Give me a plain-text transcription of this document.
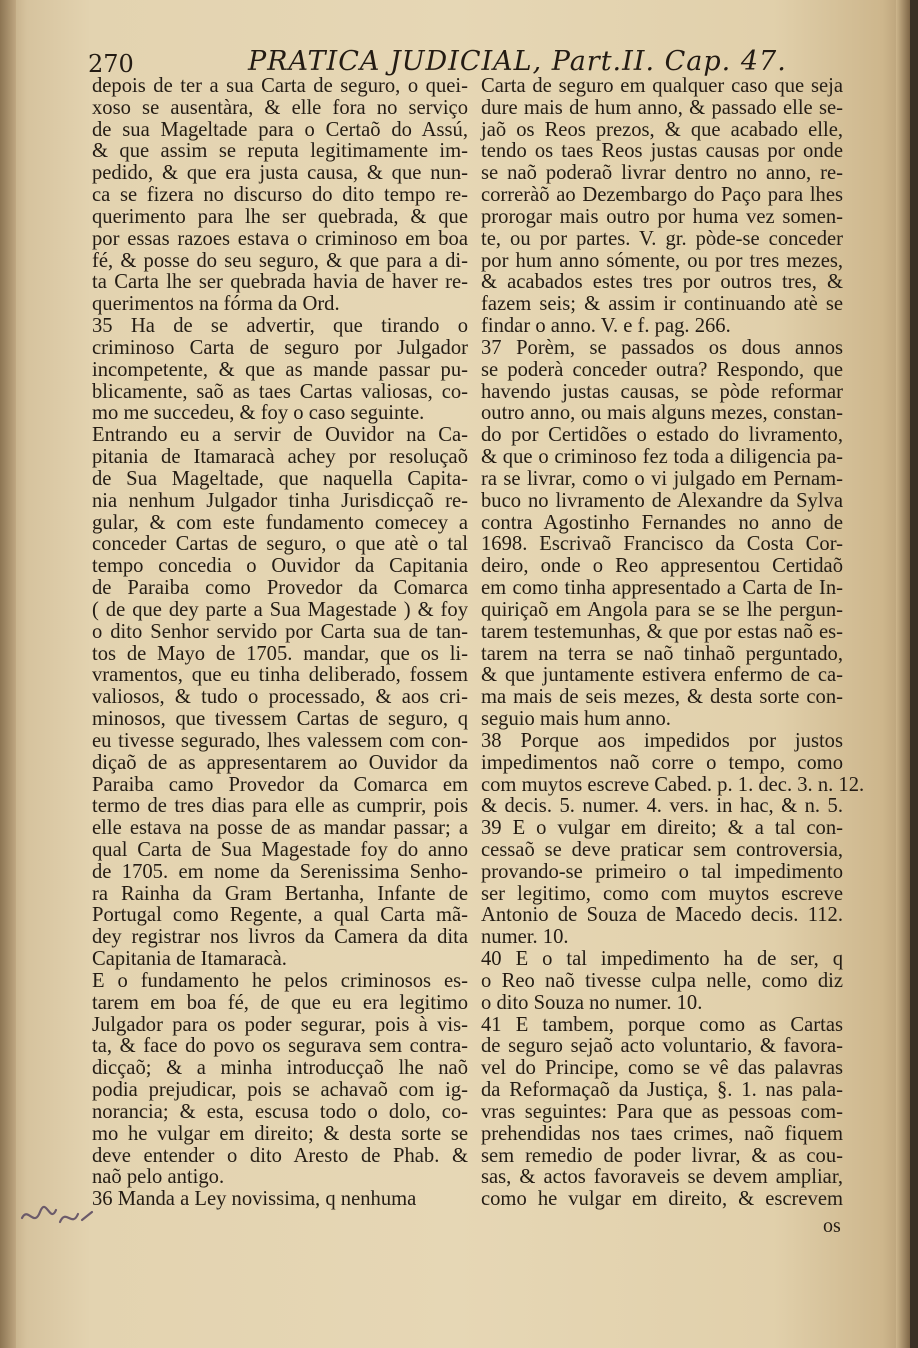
270	PRATICA JUDICIAL, Part.II. Cap. 47.
depois de ter a sua Carta de seguro, o quei-
xoso se ausentàra, & elle fora no serviço
de sua Mageltade para o Certaõ do Assú,
& que assim se reputa legitimamente im-
pedido, & que era justa causa, & que nun-
ca se fizera no discurso do dito tempo re-
querimento para lhe ser quebrada, & que
por essas razoes estava o criminoso em boa
fé, & posse do seu seguro, & que para a di-
ta Carta lhe ser quebrada havia de haver re-
querimentos na fórma da Ord.
35 Ha de se advertir, que tirando o
criminoso Carta de seguro por Julgador
incompetente, & que as mande passar pu-
blicamente, saõ as taes Cartas valiosas, co-
mo me succedeu, & foy o caso seguinte.
Entrando eu a servir de Ouvidor na Ca-
pitania de Itamaracà achey por resoluçaõ
de Sua Mageltade, que naquella Capita-
nia nenhum Julgador tinha Jurisdicçaõ re-
gular, & com este fundamento comecey a
conceder Cartas de seguro, o que atè o tal
tempo concedia o Ouvidor da Capitania
de Paraiba como Provedor da Comarca
( de que dey parte a Sua Magestade ) & foy
o dito Senhor servido por Carta sua de tan-
tos de Mayo de 1705. mandar, que os li-
vramentos, que eu tinha deliberado, fossem
valiosos, & tudo o processado, & aos cri-
minosos, que tivessem Cartas de seguro, q
eu tivesse segurado, lhes valessem com con-
diçaõ de as appresentarem ao Ouvidor da
Paraiba camo Provedor da Comarca em
termo de tres dias para elle as cumprir, pois
elle estava na posse de as mandar passar; a
qual Carta de Sua Magestade foy do anno
de 1705. em nome da Serenissima Senho-
ra Rainha da Gram Bertanha, Infante de
Portugal como Regente, a qual Carta mã-
dey registrar nos livros da Camera da dita
Capitania de Itamaracà.
E o fundamento he pelos criminosos es-
tarem em boa fé, de que eu era legitimo
Julgador para os poder segurar, pois à vis-
ta, & face do povo os segurava sem contra-
dicçaõ; & a minha introducçaõ lhe naõ
podia prejudicar, pois se achavaõ com ig-
norancia; & esta, escusa todo o dolo, co-
mo he vulgar em direito; & desta sorte se
deve entender o dito Aresto de Phab. &
naõ pelo antigo.
36 Manda a Ley novissima, q nenhuma
Carta de seguro em qualquer caso que seja
dure mais de hum anno, & passado elle se-
jaõ os Reos prezos, & que acabado elle,
tendo os taes Reos justas causas por onde
se naõ poderaõ livrar dentro no anno, re-
correràõ ao Dezembargo do Paço para lhes
prorogar mais outro por huma vez somen-
te, ou por partes. V. gr. pòde-se conceder
por hum anno sómente, ou por tres mezes,
& acabados estes tres por outros tres, &
fazem seis; & assim ir continuando atè se
findar o anno. V. e f. pag. 266.
37 Porèm, se passados os dous annos
se poderà conceder outra? Respondo, que
havendo justas causas, se pòde reformar
outro anno, ou mais alguns mezes, constan-
do por Certidões o estado do livramento,
& que o criminoso fez toda a diligencia pa-
ra se livrar, como o vi julgado em Pernam-
buco no livramento de Alexandre da Sylva
contra Agostinho Fernandes no anno de
1698. Escrivaõ Francisco da Costa Cor-
deiro, onde o Reo appresentou Certidaõ
em como tinha appresentado a Carta de In-
quiriçaõ em Angola para se se lhe pergun-
tarem testemunhas, & que por estas naõ es-
tarem na terra se naõ tinhaõ perguntado,
& que juntamente estivera enfermo de ca-
ma mais de seis mezes, & desta sorte con-
seguio mais hum anno.
38 Porque aos impedidos por justos
impedimentos naõ corre o tempo, como
com muytos escreve Cabed. p. 1. dec. 3. n. 12.
& decis. 5. numer. 4. vers. in hac, & n. 5.
39 E o vulgar em direito; & a tal con-
cessaõ se deve praticar sem controversia,
provando-se primeiro o tal impedimento
ser legitimo, como com muytos escreve
Antonio de Souza de Macedo decis. 112.
numer. 10.
40 E o tal impedimento ha de ser, q
o Reo naõ tivesse culpa nelle, como diz
o dito Souza no numer. 10.
41 E tambem, porque como as Cartas
de seguro sejaõ acto voluntario, & favora-
vel do Principe, como se vê das palavras
da Reformaçaõ da Justiça, §. 1. nas pala-
vras seguintes: Para que as pessoas com-
prehendidas nos taes crimes, naõ fiquem
sem remedio de poder livrar, & as cou-
sas, & actos favoraveis se devem ampliar,
como he vulgar em direito, & escrevem
os
